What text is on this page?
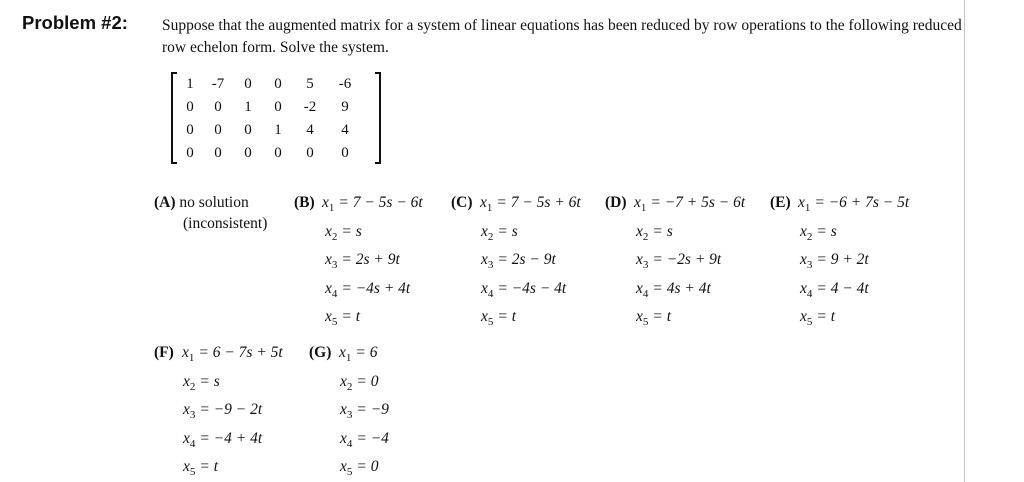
Problem #2: Suppose that the augmented matrix for a system of linear equations has been reduced by row operations to the following reduced row echelon form. Solve the system.
1	-7	0	0	5	-6
0	0	1	0	-2	9
0	0	0	1	4	4
0	0	0	0	0	0
(A) no solution
(inconsistent)
(B) $x_1 = 7 - 5s - 6t$
$x_2 = s$
$x_3 = 2s + 9t$
$x_4 = -4s + 4t$
$x_5 = t$
(C) $x_1 = 7 - 5s + 6t$
$x_2 = s$
$x_3 = 2s - 9t$
$x_4 = -4s - 4t$
$x_5 = t$
(D) $x_1 = -7 + 5s - 6t$
$x_2 = s$
$x_3 = -2s + 9t$
$x_4 = 4s + 4t$
$x_5 = t$
(E) $x_1 = -6 + 7s - 5t$
$x_2 = s$
$x_3 = 9 + 2t$
$x_4 = 4 - 4t$
$x_5 = t$
(F) $x_1 = 6 - 7s + 5t$
$x_2 = s$
$x_3 = -9 - 2t$
$x_4 = -4 + 4t$
$x_5 = t$
(G) $x_1 = 6$
$x_2 = 0$
$x_3 = -9$
$x_4 = -4$
$x_5 = 0$
